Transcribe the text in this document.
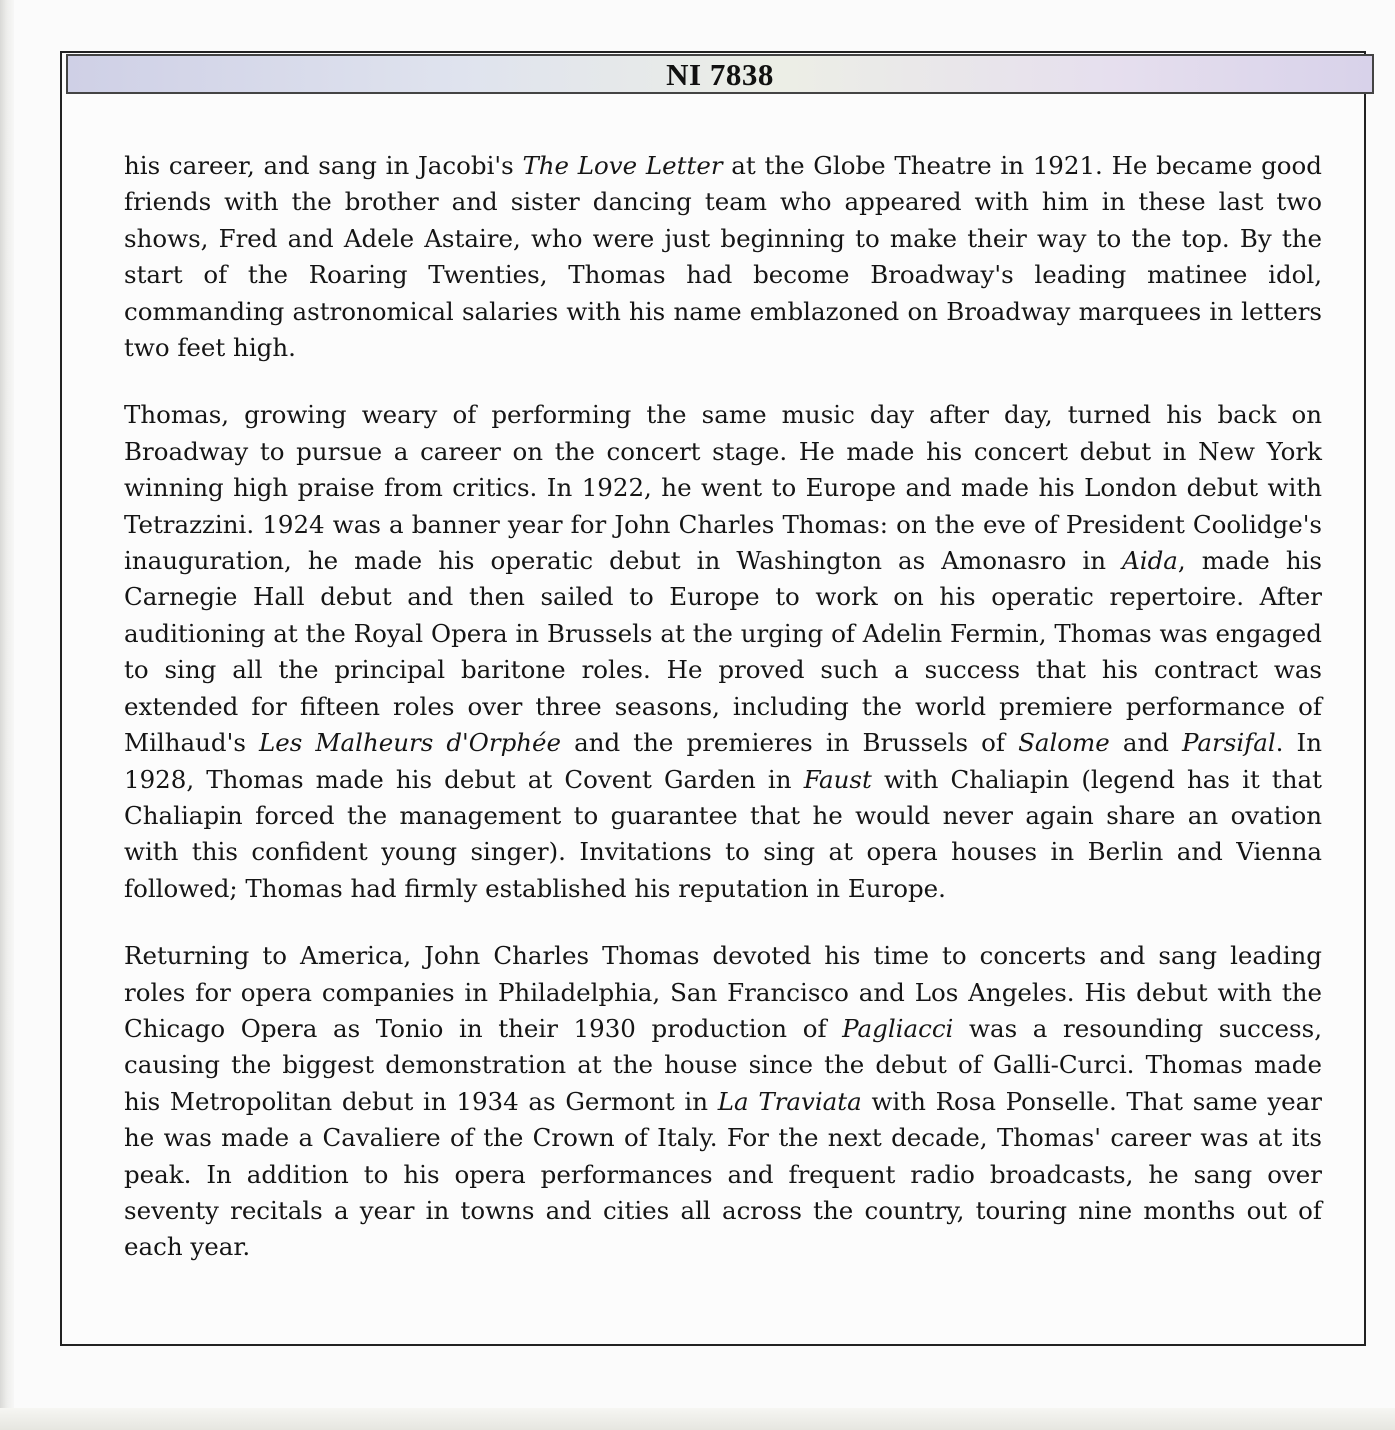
NI 7838

his career, and sang in Jacobi's The Love Letter at the Globe Theatre in 1921. He became good friends with the brother and sister dancing team who appeared with him in these last two shows, Fred and Adele Astaire, who were just beginning to make their way to the top. By the start of the Roaring Twenties, Thomas had become Broadway's leading matinee idol, commanding astronomical salaries with his name emblazoned on Broadway marquees in letters two feet high.

Thomas, growing weary of performing the same music day after day, turned his back on Broadway to pursue a career on the concert stage. He made his concert debut in New York winning high praise from critics. In 1922, he went to Europe and made his London debut with Tetrazzini. 1924 was a banner year for John Charles Thomas: on the eve of President Coolidge's inauguration, he made his operatic debut in Washington as Amonasro in Aida, made his Carnegie Hall debut and then sailed to Europe to work on his operatic repertoire. After auditioning at the Royal Opera in Brussels at the urging of Adelin Fermin, Thomas was engaged to sing all the principal baritone roles. He proved such a success that his contract was extended for fifteen roles over three seasons, including the world premiere performance of Milhaud's Les Malheurs d'Orphée and the premieres in Brussels of Salome and Parsifal. In 1928, Thomas made his debut at Covent Garden in Faust with Chaliapin (legend has it that Chaliapin forced the management to guarantee that he would never again share an ovation with this confident young singer). Invitations to sing at opera houses in Berlin and Vienna followed; Thomas had firmly established his reputation in Europe.

Returning to America, John Charles Thomas devoted his time to concerts and sang leading roles for opera companies in Philadelphia, San Francisco and Los Angeles. His debut with the Chicago Opera as Tonio in their 1930 production of Pagliacci was a resounding success, causing the biggest demonstration at the house since the debut of Galli-Curci. Thomas made his Metropolitan debut in 1934 as Germont in La Traviata with Rosa Ponselle. That same year he was made a Cavaliere of the Crown of Italy. For the next decade, Thomas' career was at its peak. In addition to his opera performances and frequent radio broadcasts, he sang over seventy recitals a year in towns and cities all across the country, touring nine months out of each year.
